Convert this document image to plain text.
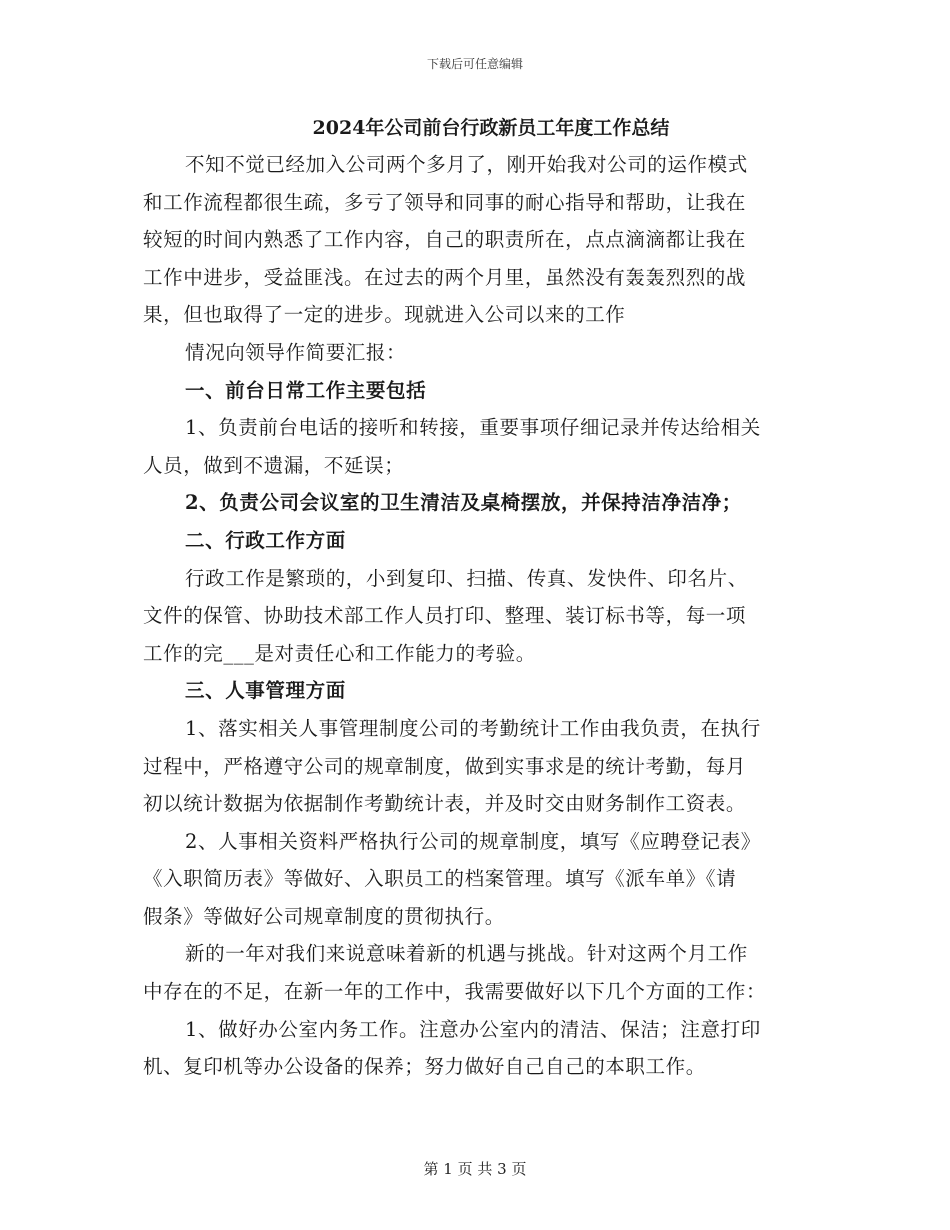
下载后可任意编辑
2024年公司前台行政新员工年度工作总结

不知不觉已经加入公司两个多月了，刚开始我对公司的运作模式

和工作流程都很生疏，多亏了领导和同事的耐心指导和帮助，让我在

较短的时间内熟悉了工作内容，自己的职责所在，点点滴滴都让我在

工作中进步，受益匪浅。在过去的两个月里，虽然没有轰轰烈烈的战

果，但也取得了一定的进步。现就进入公司以来的工作

情况向领导作简要汇报：

一、前台日常工作主要包括

1、负责前台电话的接听和转接，重要事项仔细记录并传达给相关

人员，做到不遗漏，不延误；

2、负责公司会议室的卫生清洁及桌椅摆放，并保持洁净洁净；

二、行政工作方面

行政工作是繁琐的，小到复印、扫描、传真、发快件、印名片、

文件的保管、协助技术部工作人员打印、整理、装订标书等，每一项

工作的完___是对责任心和工作能力的考验。

三、人事管理方面

1、落实相关人事管理制度公司的考勤统计工作由我负责，在执行

过程中，严格遵守公司的规章制度，做到实事求是的统计考勤，每月

初以统计数据为依据制作考勤统计表，并及时交由财务制作工资表。

2、人事相关资料严格执行公司的规章制度，填写《应聘登记表》

《入职简历表》等做好、入职员工的档案管理。填写《派车单》《请

假条》等做好公司规章制度的贯彻执行。

新的一年对我们来说意味着新的机遇与挑战。针对这两个月工作

中存在的不足，在新一年的工作中，我需要做好以下几个方面的工作：

1、做好办公室内务工作。注意办公室内的清洁、保洁；注意打印

机、复印机等办公设备的保养；努力做好自己自己的本职工作。

第 1 页 共 3 页
